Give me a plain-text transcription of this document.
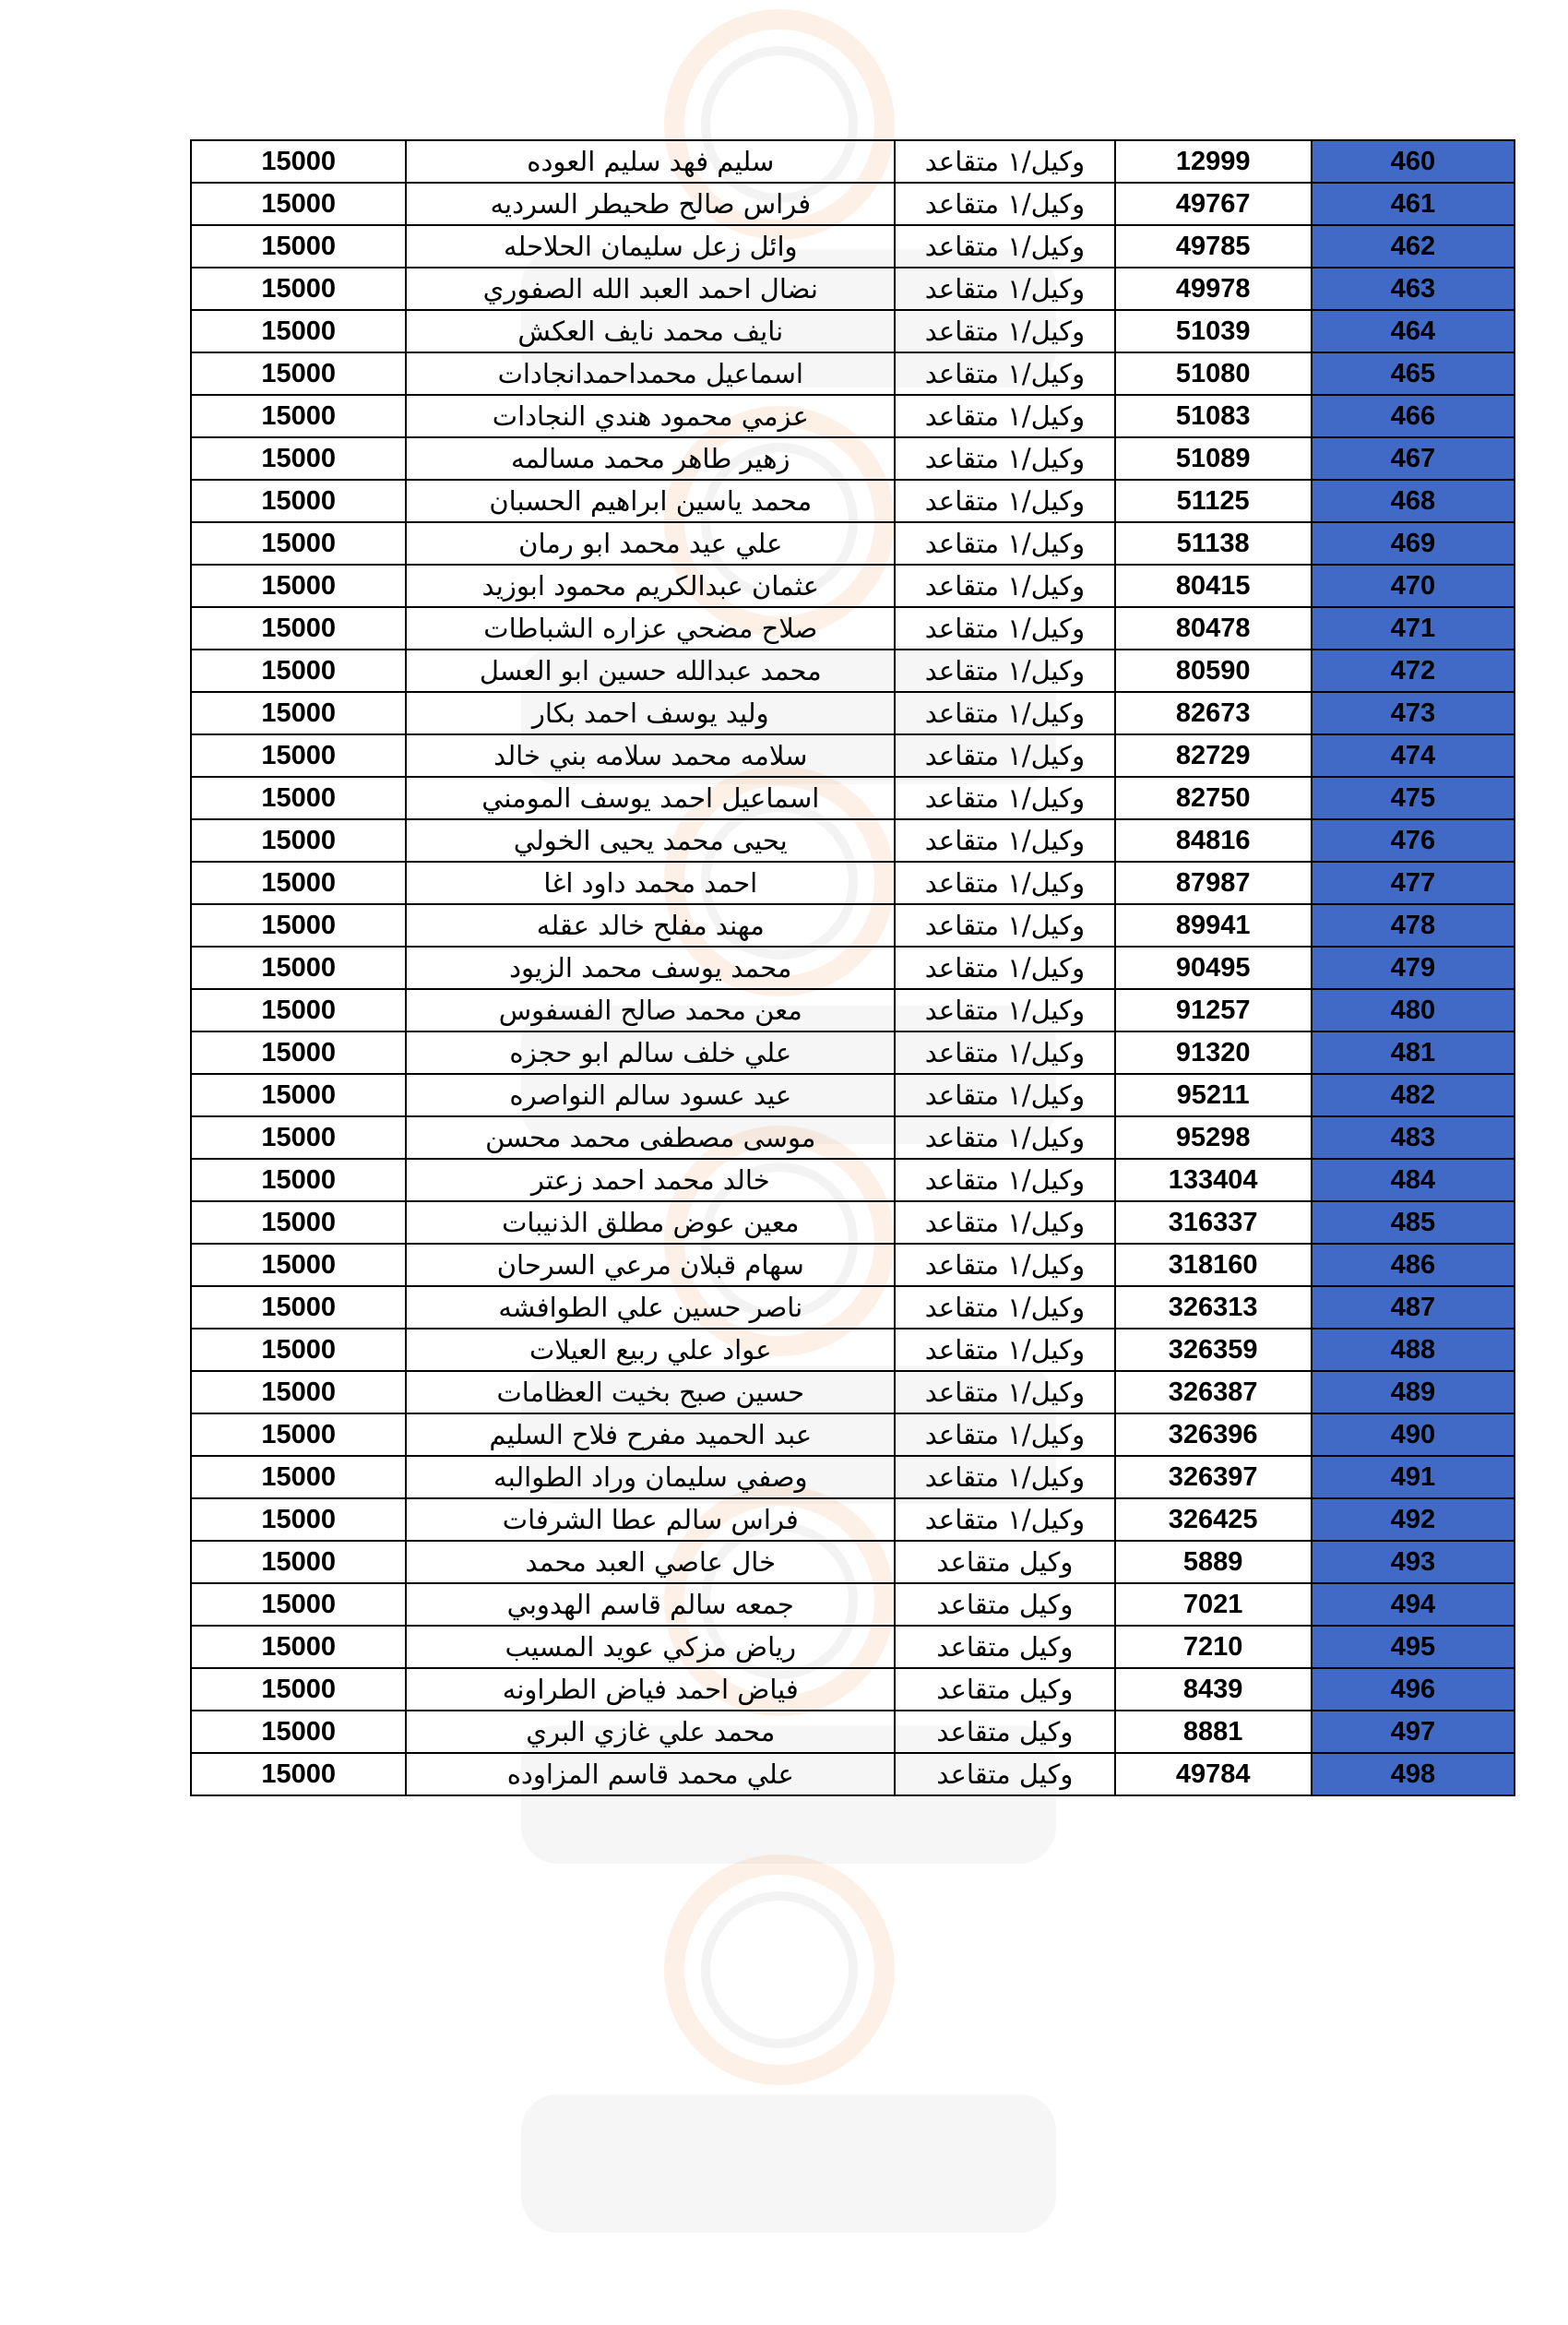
15000	سليم فهد سليم العوده	وكيل/١ متقاعد	12999	460
15000	فراس صالح طحيطر السرديه	وكيل/١ متقاعد	49767	461
15000	وائل زعل سليمان الحلاحله	وكيل/١ متقاعد	49785	462
15000	نضال احمد العبد الله الصفوري	وكيل/١ متقاعد	49978	463
15000	نايف محمد نايف العكش	وكيل/١ متقاعد	51039	464
15000	اسماعيل محمداحمدانجادات	وكيل/١ متقاعد	51080	465
15000	عزمي محمود هندي النجادات	وكيل/١ متقاعد	51083	466
15000	زهير طاهر محمد مسالمه	وكيل/١ متقاعد	51089	467
15000	محمد ياسين ابراهيم الحسبان	وكيل/١ متقاعد	51125	468
15000	علي عيد محمد ابو رمان	وكيل/١ متقاعد	51138	469
15000	عثمان عبدالكريم محمود ابوزيد	وكيل/١ متقاعد	80415	470
15000	صلاح مضحي عزاره الشباطات	وكيل/١ متقاعد	80478	471
15000	محمد عبدالله حسين ابو العسل	وكيل/١ متقاعد	80590	472
15000	وليد يوسف احمد بكار	وكيل/١ متقاعد	82673	473
15000	سلامه محمد سلامه بني خالد	وكيل/١ متقاعد	82729	474
15000	اسماعيل احمد يوسف المومني	وكيل/١ متقاعد	82750	475
15000	يحيى محمد يحيى الخولي	وكيل/١ متقاعد	84816	476
15000	احمد محمد داود اغا	وكيل/١ متقاعد	87987	477
15000	مهند مفلح خالد عقله	وكيل/١ متقاعد	89941	478
15000	محمد يوسف محمد الزيود	وكيل/١ متقاعد	90495	479
15000	معن محمد صالح الفسفوس	وكيل/١ متقاعد	91257	480
15000	علي خلف سالم ابو حجزه	وكيل/١ متقاعد	91320	481
15000	عيد عسود سالم النواصره	وكيل/١ متقاعد	95211	482
15000	موسى مصطفى محمد محسن	وكيل/١ متقاعد	95298	483
15000	خالد محمد احمد زعتر	وكيل/١ متقاعد	133404	484
15000	معين عوض مطلق الذنيبات	وكيل/١ متقاعد	316337	485
15000	سهام قبلان مرعي السرحان	وكيل/١ متقاعد	318160	486
15000	ناصر حسين علي الطوافشه	وكيل/١ متقاعد	326313	487
15000	عواد علي ربيع العيلات	وكيل/١ متقاعد	326359	488
15000	حسين صبح بخيت العظامات	وكيل/١ متقاعد	326387	489
15000	عبد الحميد مفرح فلاح السليم	وكيل/١ متقاعد	326396	490
15000	وصفي سليمان وراد الطوالبه	وكيل/١ متقاعد	326397	491
15000	فراس سالم عطا الشرفات	وكيل/١ متقاعد	326425	492
15000	خال عاصي العبد محمد	وكيل متقاعد	5889	493
15000	جمعه سالم قاسم الهدوبي	وكيل متقاعد	7021	494
15000	رياض مزكي عويد المسيب	وكيل متقاعد	7210	495
15000	فياض احمد فياض الطراونه	وكيل متقاعد	8439	496
15000	محمد علي غازي البري	وكيل متقاعد	8881	497
15000	علي محمد قاسم المزاوده	وكيل متقاعد	49784	498
